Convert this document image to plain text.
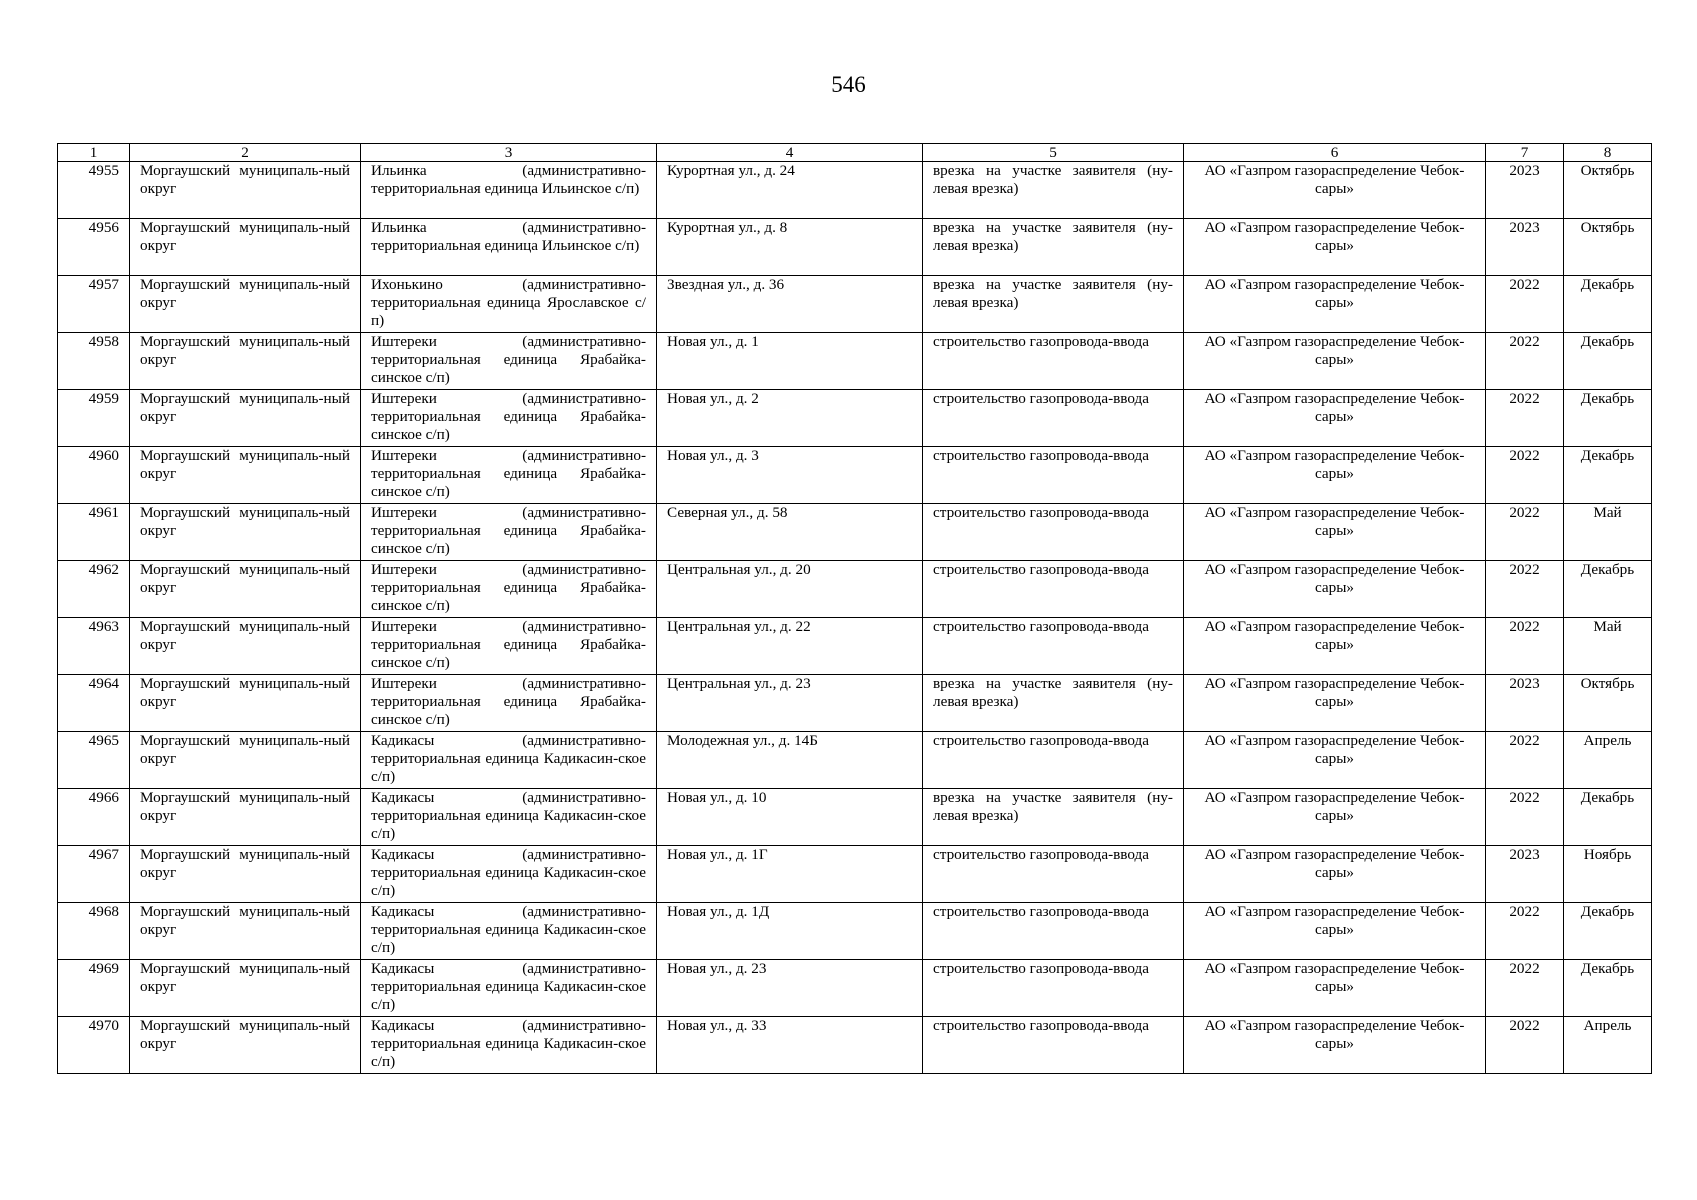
546
1	2	3	4	5	6	7	8
4955	Моргаушский муниципаль-ный округ	Ильинка (административно-территориальная единица Ильинское с/п)	Курортная ул., д. 24	врезка на участке заявителя (ну-левая врезка)	АО «Газпром газораспределение Чебок-сары»	2023	Октябрь
4956	Моргаушский муниципаль-ный округ	Ильинка (административно-территориальная единица Ильинское с/п)	Курортная ул., д. 8	врезка на участке заявителя (ну-левая врезка)	АО «Газпром газораспределение Чебок-сары»	2023	Октябрь
4957	Моргаушский муниципаль-ный округ	Ихонькино (административно-территориальная единица Ярославское с/п)	Звездная ул., д. 36	врезка на участке заявителя (ну-левая врезка)	АО «Газпром газораспределение Чебок-сары»	2022	Декабрь
4958	Моргаушский муниципаль-ный округ	Иштереки (административно-территориальная единица Ярабайка-синское с/п)	Новая ул., д. 1	строительство газопровода-ввода	АО «Газпром газораспределение Чебок-сары»	2022	Декабрь
4959	Моргаушский муниципаль-ный округ	Иштереки (административно-территориальная единица Ярабайка-синское с/п)	Новая ул., д. 2	строительство газопровода-ввода	АО «Газпром газораспределение Чебок-сары»	2022	Декабрь
4960	Моргаушский муниципаль-ный округ	Иштереки (административно-территориальная единица Ярабайка-синское с/п)	Новая ул., д. 3	строительство газопровода-ввода	АО «Газпром газораспределение Чебок-сары»	2022	Декабрь
4961	Моргаушский муниципаль-ный округ	Иштереки (административно-территориальная единица Ярабайка-синское с/п)	Северная ул., д. 58	строительство газопровода-ввода	АО «Газпром газораспределение Чебок-сары»	2022	Май
4962	Моргаушский муниципаль-ный округ	Иштереки (административно-территориальная единица Ярабайка-синское с/п)	Центральная ул., д. 20	строительство газопровода-ввода	АО «Газпром газораспределение Чебок-сары»	2022	Декабрь
4963	Моргаушский муниципаль-ный округ	Иштереки (административно-территориальная единица Ярабайка-синское с/п)	Центральная ул., д. 22	строительство газопровода-ввода	АО «Газпром газораспределение Чебок-сары»	2022	Май
4964	Моргаушский муниципаль-ный округ	Иштереки (административно-территориальная единица Ярабайка-синское с/п)	Центральная ул., д. 23	врезка на участке заявителя (ну-левая врезка)	АО «Газпром газораспределение Чебок-сары»	2023	Октябрь
4965	Моргаушский муниципаль-ный округ	Кадикасы (административно-территориальная единица Кадикасин-ское с/п)	Молодежная ул., д. 14Б	строительство газопровода-ввода	АО «Газпром газораспределение Чебок-сары»	2022	Апрель
4966	Моргаушский муниципаль-ный округ	Кадикасы (административно-территориальная единица Кадикасин-ское с/п)	Новая ул., д. 10	врезка на участке заявителя (ну-левая врезка)	АО «Газпром газораспределение Чебок-сары»	2022	Декабрь
4967	Моргаушский муниципаль-ный округ	Кадикасы (административно-территориальная единица Кадикасин-ское с/п)	Новая ул., д. 1Г	строительство газопровода-ввода	АО «Газпром газораспределение Чебок-сары»	2023	Ноябрь
4968	Моргаушский муниципаль-ный округ	Кадикасы (административно-территориальная единица Кадикасин-ское с/п)	Новая ул., д. 1Д	строительство газопровода-ввода	АО «Газпром газораспределение Чебок-сары»	2022	Декабрь
4969	Моргаушский муниципаль-ный округ	Кадикасы (административно-территориальная единица Кадикасин-ское с/п)	Новая ул., д. 23	строительство газопровода-ввода	АО «Газпром газораспределение Чебок-сары»	2022	Декабрь
4970	Моргаушский муниципаль-ный округ	Кадикасы (административно-территориальная единица Кадикасин-ское с/п)	Новая ул., д. 33	строительство газопровода-ввода	АО «Газпром газораспределение Чебок-сары»	2022	Апрель
